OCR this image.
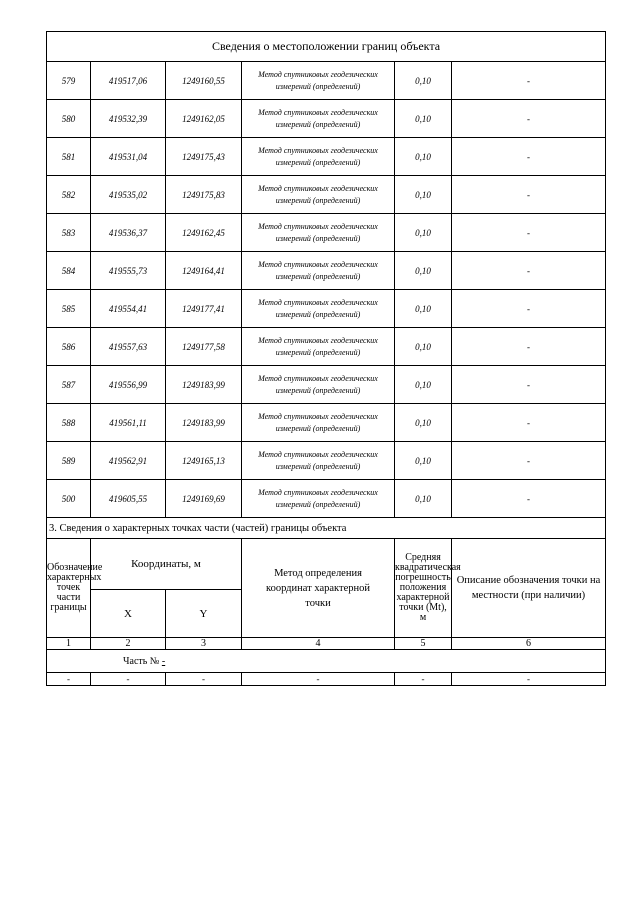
Сведения о местоположении границ объекта					
579	419517,06	1249160,55	Метод спутниковых геодезических измерений (определений)	0,10	-
580	419532,39	1249162,05	Метод спутниковых геодезических измерений (определений)	0,10	-
581	419531,04	1249175,43	Метод спутниковых геодезических измерений (определений)	0,10	-
582	419535,02	1249175,83	Метод спутниковых геодезических измерений (определений)	0,10	-
583	419536,37	1249162,45	Метод спутниковых геодезических измерений (определений)	0,10	-
584	419555,73	1249164,41	Метод спутниковых геодезических измерений (определений)	0,10	-
585	419554,41	1249177,41	Метод спутниковых геодезических измерений (определений)	0,10	-
586	419557,63	1249177,58	Метод спутниковых геодезических измерений (определений)	0,10	-
587	419556,99	1249183,99	Метод спутниковых геодезических измерений (определений)	0,10	-
588	419561,11	1249183,99	Метод спутниковых геодезических измерений (определений)	0,10	-
589	419562,91	1249165,13	Метод спутниковых геодезических измерений (определений)	0,10	-
500	419605,55	1249169,69	Метод спутниковых геодезических измерений (определений)	0,10	-
3. Сведения о характерных точках части (частей) границы объекта					
Обозначение характерных точек части границы	Координаты, м		Метод определения координат характерной точки	Средняя квадратическая погрешность положения характерной точки (Mt), м	Описание обозначения точки на местности (при наличии)
	X	Y			
1	2	3	4	5	6
Часть № -					
-	-	-	-	-	-
